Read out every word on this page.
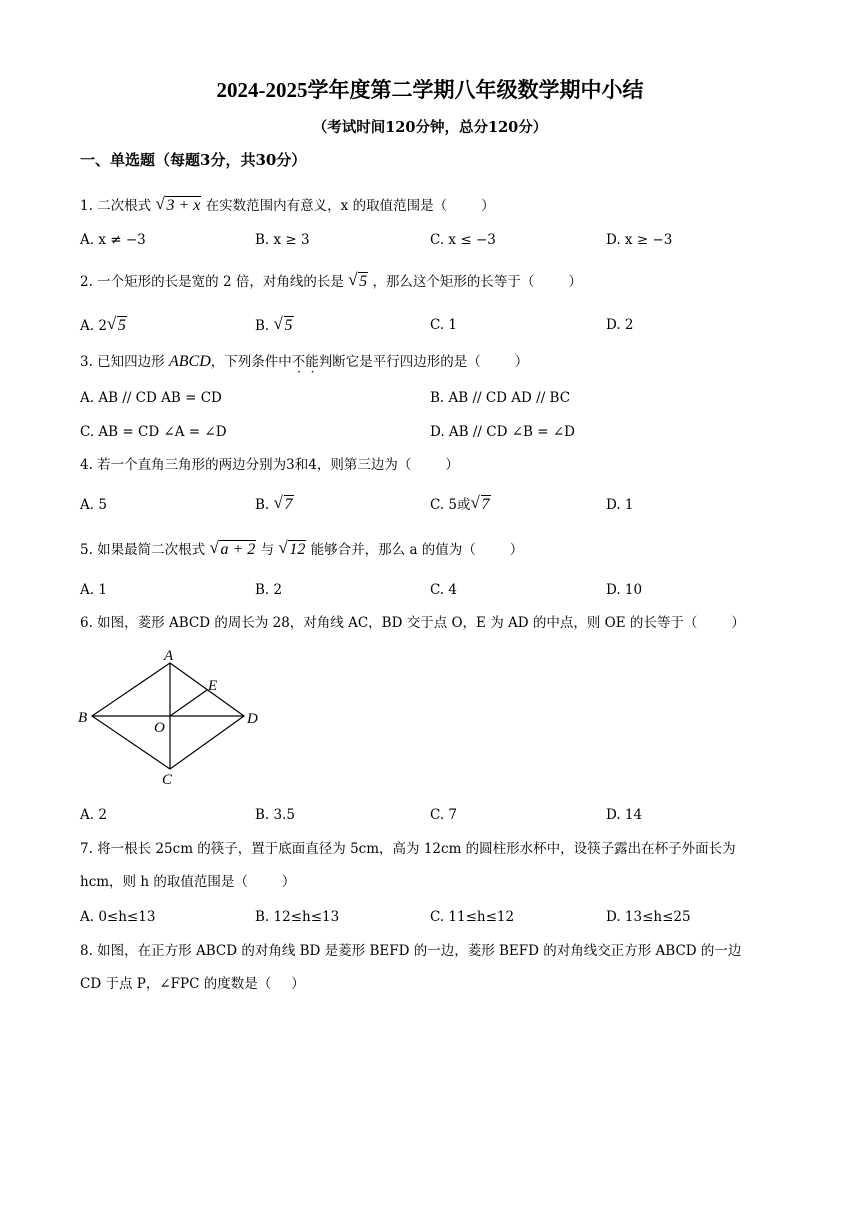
2024-2025学年度第二学期八年级数学期中小结
（考试时间120分钟，总分120分）
一、单选题（每题3分，共30分）
1. 二次根式 √ 3 + x 在实数范围内有意义，x 的取值范围是（	）
A. x ≠ −3	B. x ≥ 3	C. x ≤ −3	D. x ≥ −3
2. 一个矩形的长是宽的 2 倍，对角线的长是 √ 5 ，那么这个矩形的长等于（	）
A. 2 √ 5	B. √ 5	C. 1	D. 2
3. 已知四边形 ABCD，下列条件中不能判断它是平行四边形的是（	）
A. AB // CD AB = CD	B. AB // CD AD // BC
C. AB = CD ∠A = ∠D	D. AB // CD ∠B = ∠D
4. 若一个直角三角形的两边分别为3和4，则第三边为（	）
A. 5	B. √ 7	C. 5或 √ 7	D. 1
5. 如果最简二次根式 √ a + 2 与 √ 12 能够合并，那么 a 的值为（	）
A. 1	B. 2	C. 4	D. 10
6. 如图，菱形 ABCD 的周长为 28，对角线 AC，BD 交于点 O，E 为 AD 的中点，则 OE 的长等于（	）
A
B
C
D
E
O
A. 2	B. 3.5	C. 7	D. 14
7. 将一根长 25cm 的筷子，置于底面直径为 5cm，高为 12cm 的圆柱形水杯中，设筷子露出在杯子外面长为
hcm，则 h 的取值范围是（	）
A. 0≤h≤13	B. 12≤h≤13	C. 11≤h≤12	D. 13≤h≤25
8. 如图，在正方形 ABCD 的对角线 BD 是菱形 BEFD 的一边，菱形 BEFD 的对角线交正方形 ABCD 的一边
CD 于点 P，∠FPC 的度数是（ ）
